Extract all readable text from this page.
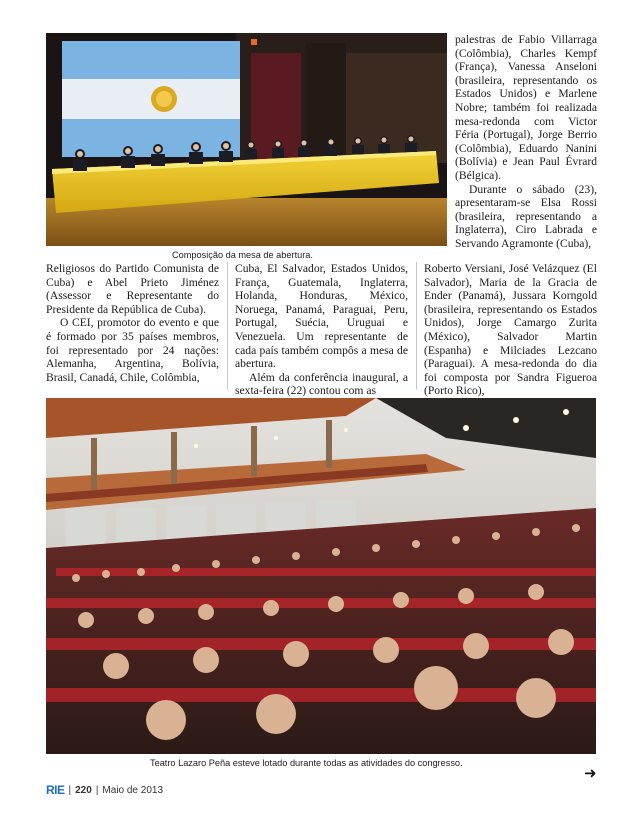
Composição da mesa de abertura.

palestras de Fabio Villarraga (Colômbia), Charles Kempf (França), Vanessa Anseloni (brasileira, representando os Estados Unidos) e Marlene Nobre; também foi realizada mesa-redonda com Victor Féria (Portugal), Jorge Berrio (Colômbia), Eduardo Nanini (Bolívia) e Jean Paul Évrard (Bélgica).

Durante o sábado (23), apresentaram-se Elsa Rossi (brasileira, representando a Inglaterra), Ciro Labrada e Servando Agramonte (Cuba),

Religiosos do Partido Comunista de Cuba) e Abel Prieto Jiménez (Assessor e Representante do Presidente da República de Cuba).

O CEI, promotor do evento e que é formado por 35 países membros, foi representado por 24 nações: Alemanha, Argentina, Bolívia, Brasil, Canadá, Chile, Colômbia,

Cuba, El Salvador, Estados Unidos, França, Guatemala, Inglaterra, Holanda, Honduras, México, Noruega, Panamá, Paraguai, Peru, Portugal, Suécia, Uruguai e Venezuela. Um representante de cada país também compôs a mesa de abertura.

Além da conferência inaugural, a sexta-feira (22) contou com as

Roberto Versiani, José Velázquez (El Salvador), Maria de la Gracia de Ender (Panamá), Jussara Korngold (brasileira, representando os Estados Unidos), Jorge Camargo Zurita (México), Salvador Martin (Espanha) e Milciades Lezcano (Paraguai). A mesa-redonda do dia foi composta por Sandra Figueroa (Porto Rico),

Teatro Lazaro Peña esteve lotado durante todas as atividades do congresso.
➜
RIE | 220 | Maio de 2013
